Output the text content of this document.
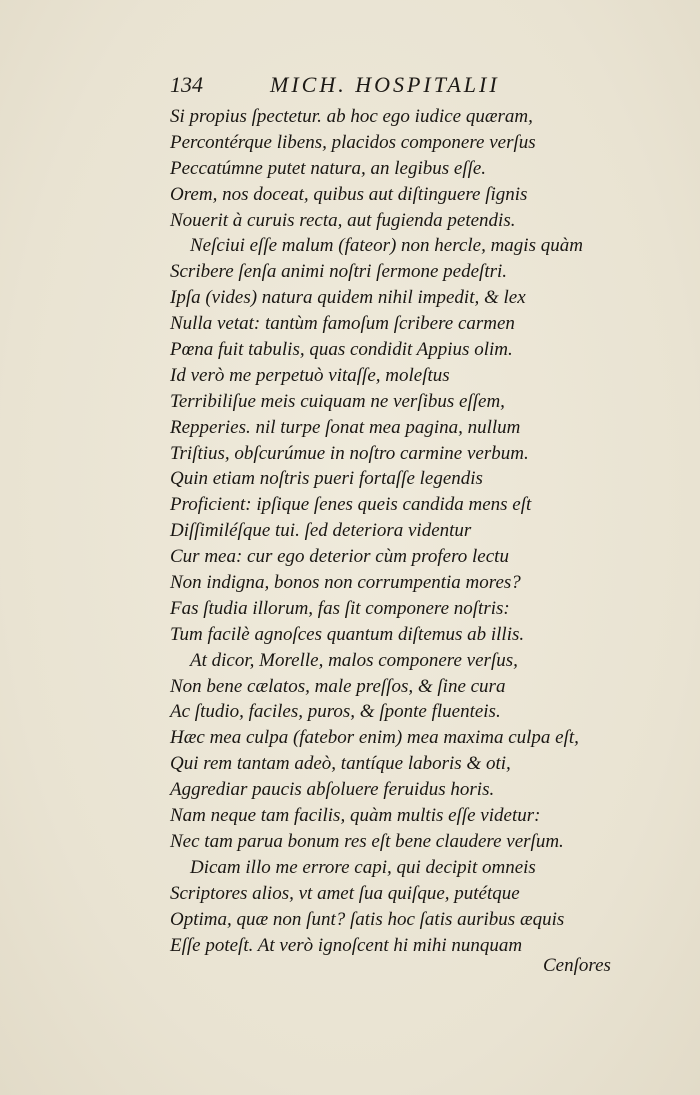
134	MICH. HOSPITALII
Si propius ſpectetur. ab hoc ego iudice quæram,
Percontérque libens, placidos componere verſus
Peccatúmne putet natura, an legibus eſſe.
Orem, nos doceat, quibus aut diſtinguere ſignis
Nouerit à curuis recta, aut fugienda petendis.
Neſciui eſſe malum (fateor) non hercle, magis quàm
Scribere ſenſa animi noſtri ſermone pedeſtri.
Ipſa (vides) natura quidem nihil impedit, & lex
Nulla vetat: tantùm famoſum ſcribere carmen
Pœna fuit tabulis, quas condidit Appius olim.
Id verò me perpetuò vitaſſe, moleſtus
Terribiliſue meis cuiquam ne verſibus eſſem,
Repperies. nil turpe ſonat mea pagina, nullum
Triſtius, obſcurúmue in noſtro carmine verbum.
Quin etiam noſtris pueri fortaſſe legendis
Proficient: ipſique ſenes queis candida mens eſt
Diſſimiléſque tui. ſed deteriora videntur
Cur mea: cur ego deterior cùm profero lectu
Non indigna, bonos non corrumpentia mores?
Fas ſtudia illorum, fas ſit componere noſtris:
Tum facilè agnoſces quantum diſtemus ab illis.
At dicor, Morelle, malos componere verſus,
Non bene cælatos, male preſſos, & ſine cura
Ac ſtudio, faciles, puros, & ſponte fluenteis.
Hæc mea culpa (fatebor enim) mea maxima culpa eſt,
Qui rem tantam adeò, tantíque laboris & oti,
Aggrediar paucis abſoluere feruidus horis.
Nam neque tam facilis, quàm multis eſſe videtur:
Nec tam parua bonum res eſt bene claudere verſum.
Dicam illo me errore capi, qui decipit omneis
Scriptores alios, vt amet ſua quiſque, putétque
Optima, quæ non ſunt? ſatis hoc ſatis auribus æquis
Eſſe poteſt. At verò ignoſcent hi mihi nunquam
Cenſores
